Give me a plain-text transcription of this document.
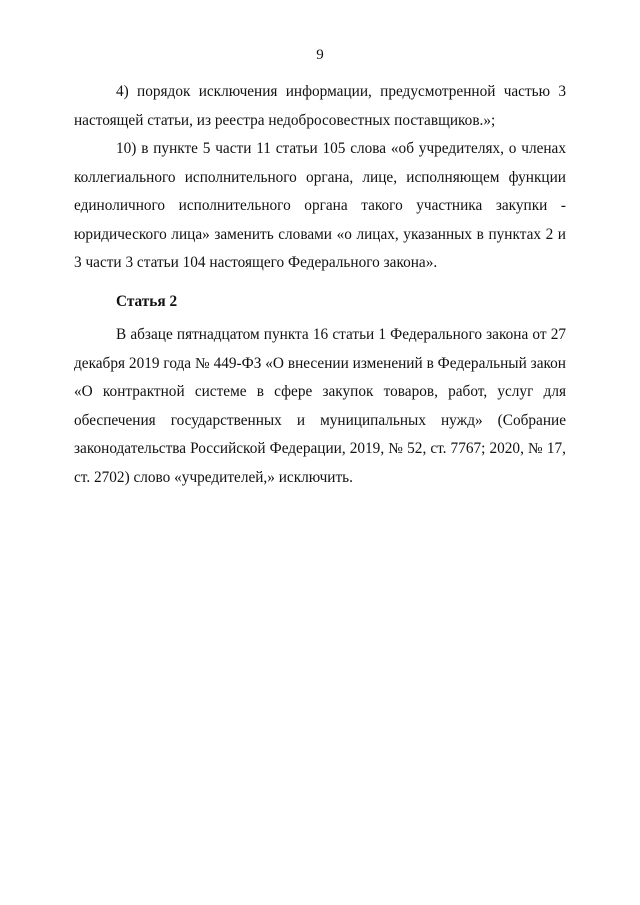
9

4) порядок исключения информации, предусмотренной частью 3 настоящей статьи, из реестра недобросовестных поставщиков.»;

10) в пункте 5 части 11 статьи 105 слова «об учредителях, о членах коллегиального исполнительного органа, лице, исполняющем функции единоличного исполнительного органа такого участника закупки - юридического лица» заменить словами «о лицах, указанных в пунктах 2 и 3 части 3 статьи 104 настоящего Федерального закона».

Статья 2

В абзаце пятнадцатом пункта 16 статьи 1 Федерального закона от 27 декабря 2019 года № 449-ФЗ «О внесении изменений в Федеральный закон «О контрактной системе в сфере закупок товаров, работ, услуг для обеспечения государственных и муниципальных нужд» (Собрание законодательства Российской Федерации, 2019, № 52, ст. 7767; 2020, № 17, ст. 2702) слово «учредителей,» исключить.
